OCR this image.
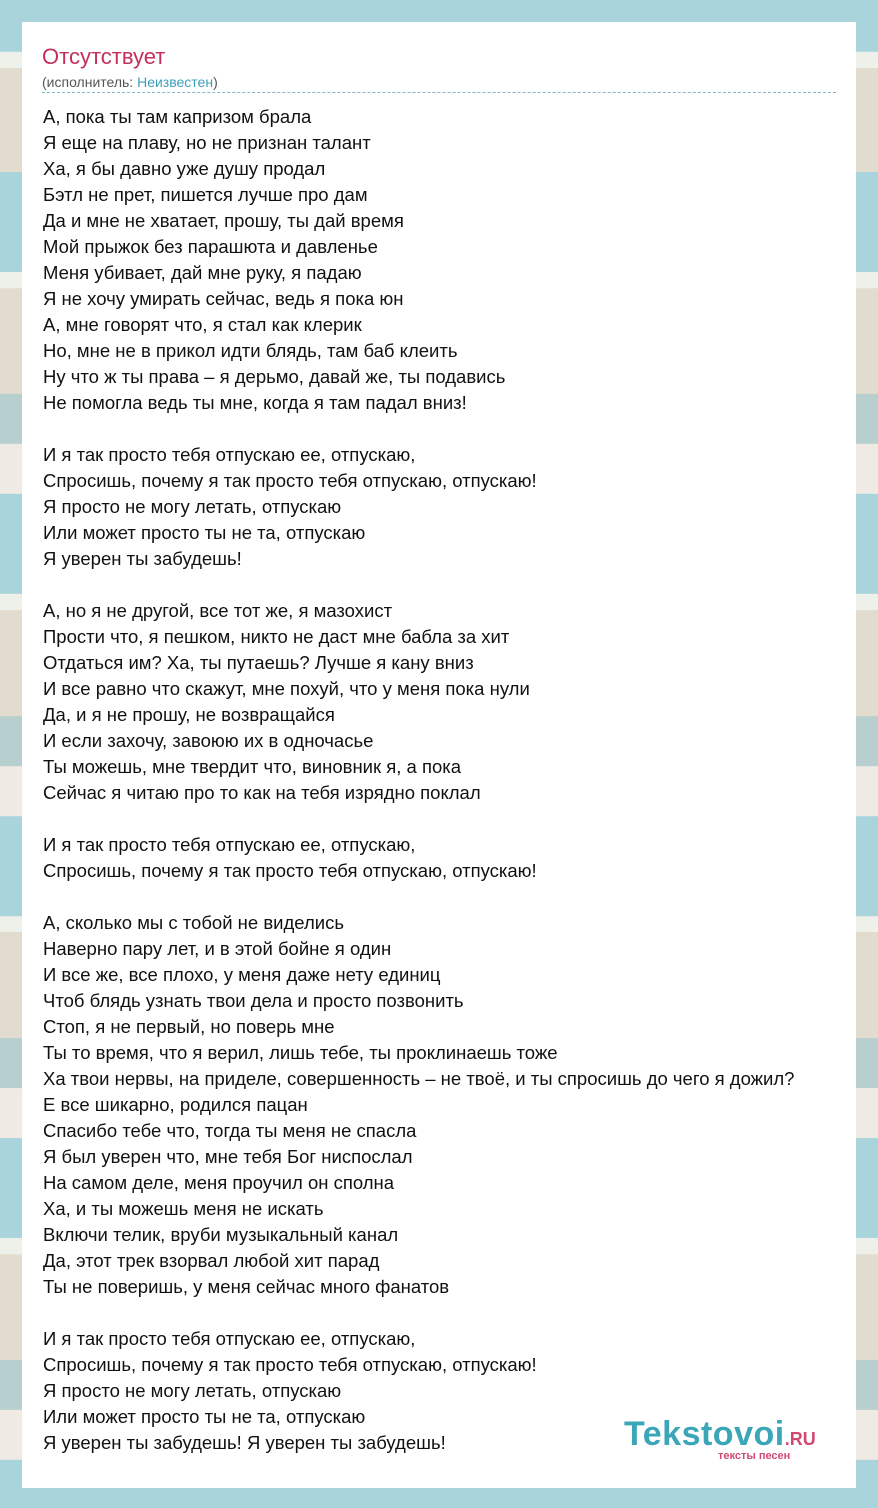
Отсутствует
(исполнитель: Неизвестен)
А, пока ты там капризом брала
Я еще на плаву, но не признан талант
Ха, я бы давно уже душу продал
Бэтл не прет, пишется лучше про дам
Да и мне не хватает, прошу, ты дай время
Мой прыжок без парашюта и давленье
Меня убивает, дай мне руку, я падаю
Я не хочу умирать сейчас, ведь я пока юн
А, мне говорят что, я стал как клерик
Но, мне не в прикол идти блядь, там баб клеить
Ну что ж ты права – я дерьмо, давай же, ты подавись
Не помогла ведь ты мне, когда я там падал вниз!
И я так просто тебя отпускаю ее, отпускаю,
Спросишь, почему я так просто тебя отпускаю, отпускаю!
Я просто не могу летать, отпускаю
Или может просто ты не та, отпускаю
Я уверен ты забудешь!
А, но я не другой, все тот же, я мазохист
Прости что, я пешком, никто не даст мне бабла за хит
Отдаться им? Ха, ты путаешь? Лучше я кану вниз
И все равно что скажут, мне похуй, что у меня пока нули
Да, и я не прошу, не возвращайся
И если захочу, завоюю их в одночасье
Ты можешь, мне твердит что, виновник я, а пока
Сейчас я читаю про то как на тебя изрядно поклал
И я так просто тебя отпускаю ее, отпускаю,
Спросишь, почему я так просто тебя отпускаю, отпускаю!
А, сколько мы с тобой не виделись
Наверно пару лет, и в этой бойне я один
И все же, все плохо, у меня даже нету единиц
Чтоб блядь узнать твои дела и просто позвонить
Стоп, я не первый, но поверь мне
Ты то время, что я верил, лишь тебе, ты проклинаешь тоже
Ха твои нервы, на приделе, совершенность – не твоё, и ты спросишь до чего я дожил?
Е все шикарно, родился пацан
Спасибо тебе что, тогда ты меня не спасла
Я был уверен что, мне тебя Бог ниспослал
На самом деле, меня проучил он сполна
Ха, и ты можешь меня не искать
Включи телик, вруби музыкальный канал
Да, этот трек взорвал любой хит парад
Ты не поверишь, у меня сейчас много фанатов
И я так просто тебя отпускаю ее, отпускаю,
Спросишь, почему я так просто тебя отпускаю, отпускаю!
Я просто не могу летать, отпускаю
Или может просто ты не та, отпускаю
Я уверен ты забудешь! Я уверен ты забудешь!	Tekstovoi.RU
тексты песен
